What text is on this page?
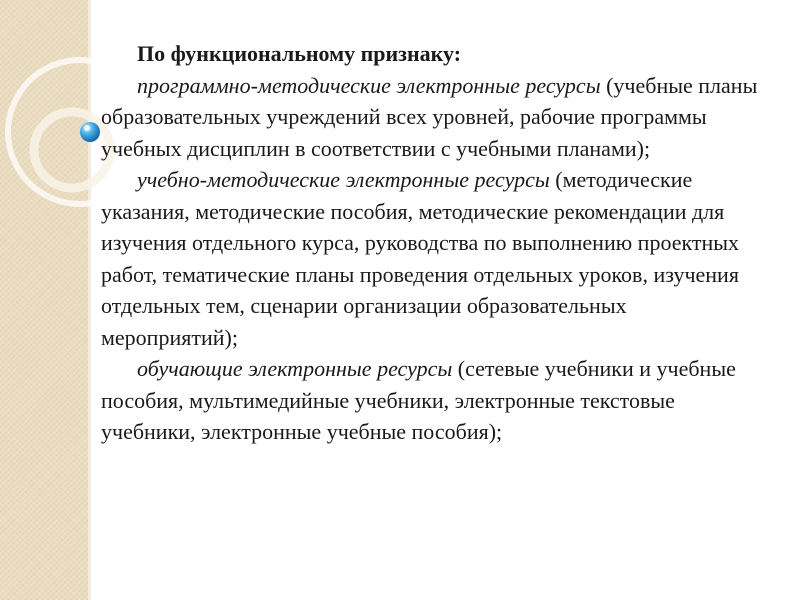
По функциональному признаку:

программно-методические электронные ресурсы (учебные планы образовательных учреждений всех уровней, рабочие программы учебных дисциплин в соответствии с учебными планами);

учебно-методические электронные ресурсы (методические указания, методические пособия, методические рекомендации для изучения отдельного курса, руководства по выполнению проектных работ, тематические планы проведения отдельных уроков, изучения отдельных тем, сценарии организации образовательных мероприятий);

обучающие электронные ресурсы (сетевые учебники и учебные пособия, мультимедийные учебники, электронные текстовые учебники, электронные учебные пособия);
